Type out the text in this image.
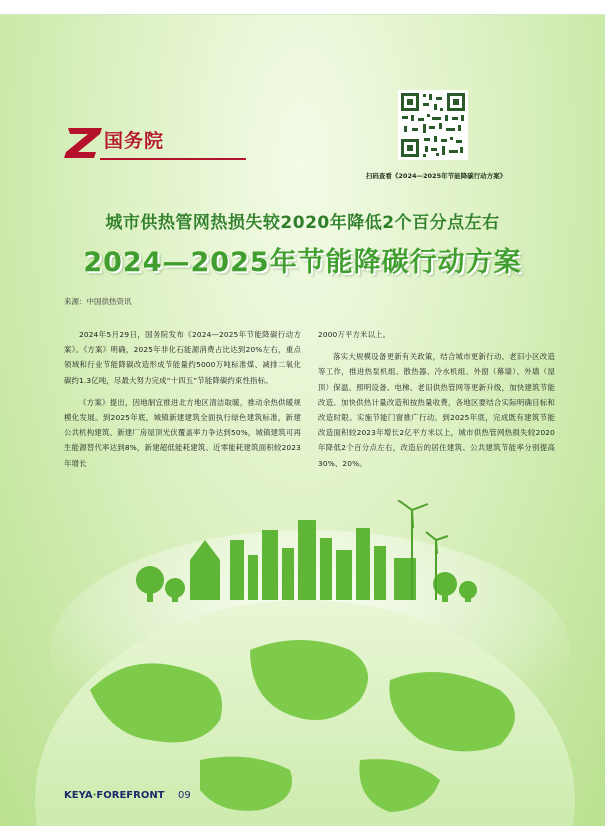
国务院
扫码查看《2024—2025年节能降碳行动方案》
城市供热管网热损失较2020年降低2个百分点左右
2024—2025年节能降碳行动方案
来源：中国供热资讯

2024年5月29日，国务院发布《2024—2025年节能降碳行动方案》。《方案》明确，2025年非化石能源消费占比达到20%左右，重点领域和行业节能降碳改造形成节能量约5000万吨标准煤、减排二氧化碳约1.3亿吨，尽最大努力完成“十四五”节能降碳约束性指标。

《方案》提出，因地制宜推进北方地区清洁取暖，推动余热供暖规模化发展。到2025年底，城镇新建建筑全面执行绿色建筑标准，新建公共机构建筑、新建厂房屋顶光伏覆盖率力争达到50%，城镇建筑可再生能源替代率达到8%，新建超低能耗建筑、近零能耗建筑面积较2023年增长

2000万平方米以上。

落实大规模设备更新有关政策，结合城市更新行动、老旧小区改造等工作，推进热泵机组、散热器、冷水机组、外窗（幕墙）、外墙（屋顶）保温、照明设备、电梯、老旧供热管网等更新升级，加快建筑节能改造。加快供热计量改造和按热量收费，各地区要结合实际明确目标和改造时限。实施节能门窗推广行动。到2025年底，完成既有建筑节能改造面积较2023年增长2亿平方米以上，城市供热管网热损失较2020年降低2个百分点左右，改造后的居住建筑、公共建筑节能率分别提高30%、20%。

KEYA·FOREFRONT 09
